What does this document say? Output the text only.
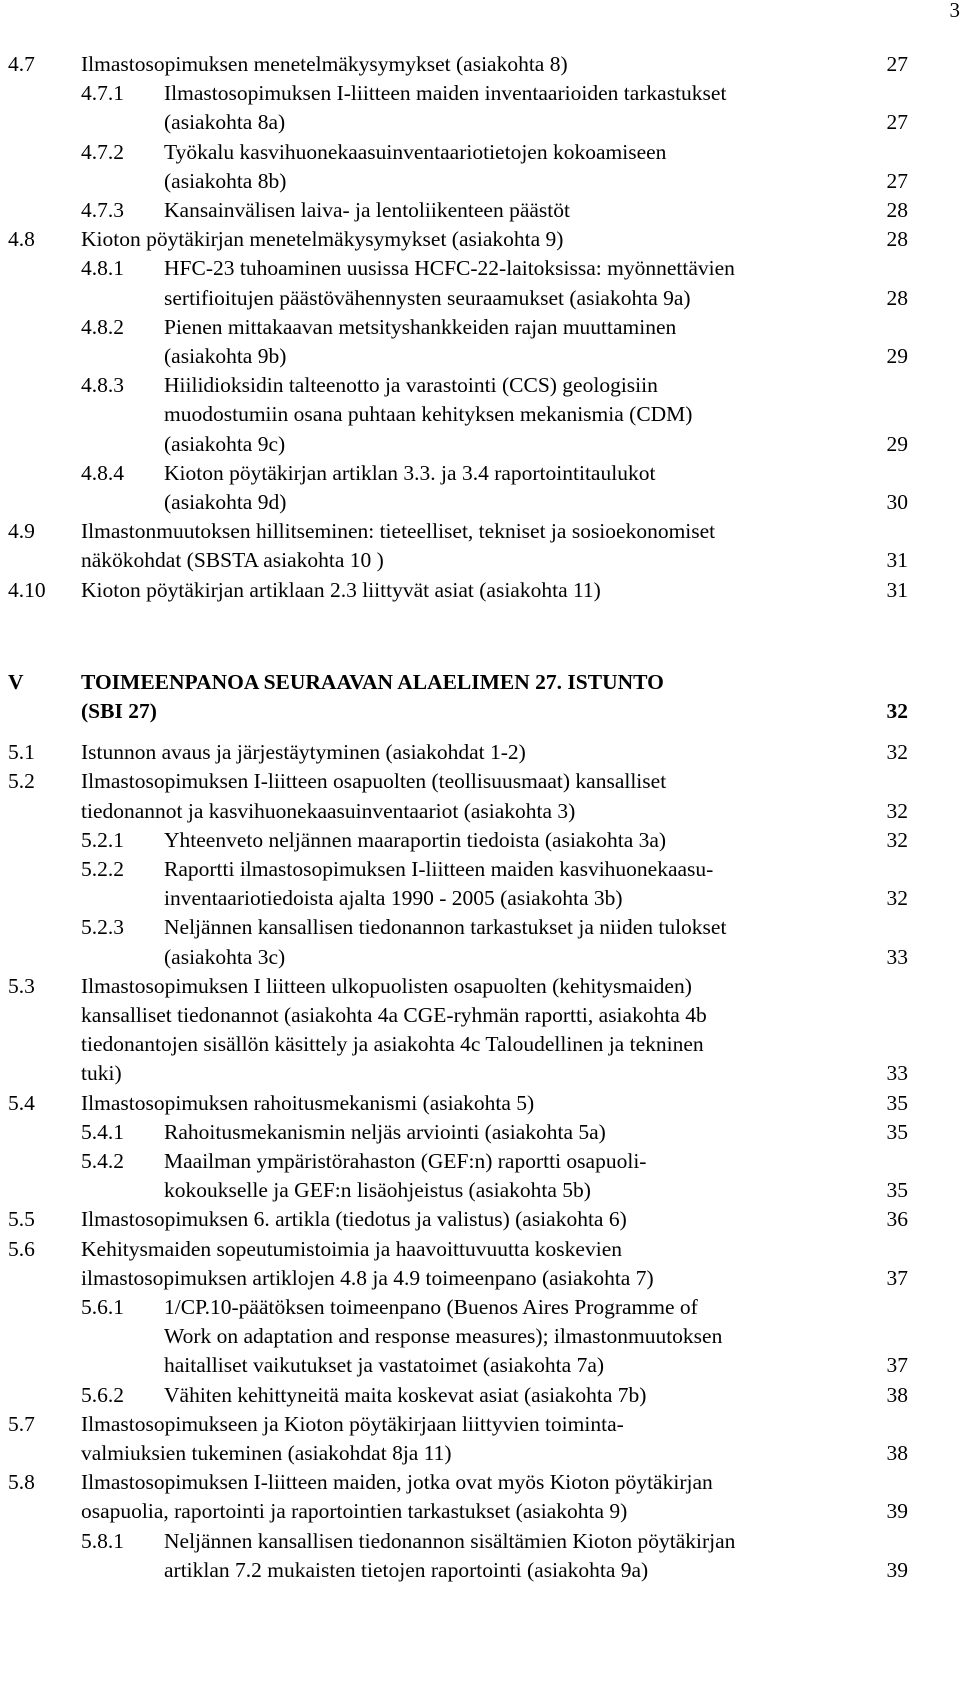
3
4.7 Ilmastosopimuksen menetelmäkysymykset (asiakohta 8)	27
4.7.1 Ilmastosopimuksen I-liitteen maiden inventaarioiden tarkastukset
(asiakohta 8a)	27
4.7.2 Työkalu kasvihuonekaasuinventaariotietojen kokoamiseen
(asiakohta 8b)	27
4.7.3 Kansainvälisen laiva- ja lentoliikenteen päästöt	28
4.8 Kioton pöytäkirjan menetelmäkysymykset (asiakohta 9)	28
4.8.1 HFC-23 tuhoaminen uusissa HCFC-22-laitoksissa: myönnettävien
sertifioitujen päästövähennysten seuraamukset (asiakohta 9a)	28
4.8.2 Pienen mittakaavan metsityshankkeiden rajan muuttaminen
(asiakohta 9b)	29
4.8.3 Hiilidioksidin talteenotto ja varastointi (CCS) geologisiin
muodostumiin osana puhtaan kehityksen mekanismia (CDM)
(asiakohta 9c)	29
4.8.4 Kioton pöytäkirjan artiklan 3.3. ja 3.4 raportointitaulukot
(asiakohta 9d)	30
4.9 Ilmastonmuutoksen hillitseminen: tieteelliset, tekniset ja sosioekonomiset
näkökohdat (SBSTA asiakohta 10 )	31
4.10 Kioton pöytäkirjan artiklaan 2.3 liittyvät asiat (asiakohta 11)	31
V	TOIMEENPANOA SEURAAVAN ALAELIMEN 27. ISTUNTO
(SBI 27)	32
5.1 Istunnon avaus ja järjestäytyminen (asiakohdat 1-2)	32
5.2 Ilmastosopimuksen I-liitteen osapuolten (teollisuusmaat) kansalliset
tiedonannot ja kasvihuonekaasuinventaariot (asiakohta 3)	32
5.2.1 Yhteenveto neljännen maaraportin tiedoista (asiakohta 3a)	32
5.2.2 Raportti ilmastosopimuksen I-liitteen maiden kasvihuonekaasu-
inventaariotiedoista ajalta 1990 - 2005 (asiakohta 3b)	32
5.2.3 Neljännen kansallisen tiedonannon tarkastukset ja niiden tulokset
(asiakohta 3c)	33
5.3 Ilmastosopimuksen I liitteen ulkopuolisten osapuolten (kehitysmaiden)
kansalliset tiedonannot (asiakohta 4a CGE-ryhmän raportti, asiakohta 4b
tiedonantojen sisällön käsittely ja asiakohta 4c Taloudellinen ja tekninen
tuki)	33
5.4 Ilmastosopimuksen rahoitusmekanismi (asiakohta 5)	35
5.4.1 Rahoitusmekanismin neljäs arviointi (asiakohta 5a)	35
5.4.2 Maailman ympäristörahaston (GEF:n) raportti osapuoli-
kokoukselle ja GEF:n lisäohjeistus (asiakohta 5b)	35
5.5 Ilmastosopimuksen 6. artikla (tiedotus ja valistus) (asiakohta 6)	36
5.6 Kehitysmaiden sopeutumistoimia ja haavoittuvuutta koskevien
ilmastosopimuksen artiklojen 4.8 ja 4.9 toimeenpano (asiakohta 7)	37
5.6.1 1/CP.10-päätöksen toimeenpano (Buenos Aires Programme of
Work on adaptation and response measures); ilmastonmuutoksen
haitalliset vaikutukset ja vastatoimet (asiakohta 7a)	37
5.6.2 Vähiten kehittyneitä maita koskevat asiat (asiakohta 7b)	38
5.7 Ilmastosopimukseen ja Kioton pöytäkirjaan liittyvien toiminta-
valmiuksien tukeminen (asiakohdat 8ja 11)	38
5.8 Ilmastosopimuksen I-liitteen maiden, jotka ovat myös Kioton pöytäkirjan
osapuolia, raportointi ja raportointien tarkastukset (asiakohta 9)	39
5.8.1 Neljännen kansallisen tiedonannon sisältämien Kioton pöytäkirjan
artiklan 7.2 mukaisten tietojen raportointi (asiakohta 9a)	39
